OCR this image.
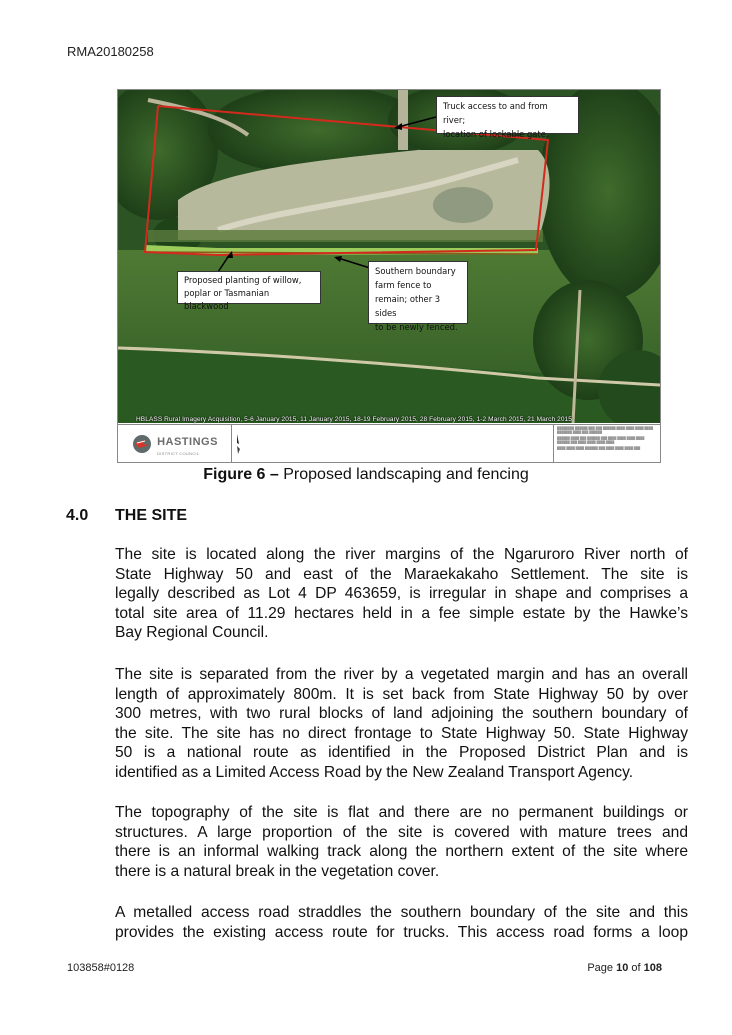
RMA20180258
Truck access to and from river;
location of lockable gate.
Proposed planting of willow,
poplar or Tasmanian blackwood
Southern boundary
farm fence to
remain; other 3 sides
to be newly fenced.
HBLASS Rural Imagery Acquisition, 5-6 January 2015, 11 January 2015, 18-19 February 2015, 28 February 2015, 1-2 March 2015, 21 March 2015
HASTINGS
DISTRICT COUNCIL

████████ ██████ ███ ███ ██████ ████ ████ ████ ████ ███████ ████ ███ ██████

██████ ████ ███ ██████ ███ ████ ████ ████ ████ ██████ ███ ████ ████ ████ ████

████ ████ ████ ██████ ███ ████ ████ ████ ███

Figure 6 – Proposed landscaping and fencing
4.0 THE SITE
The site is located along the river margins of the Ngaruroro River north of
State Highway 50 and east of the Maraekakaho Settlement. The site is
legally described as Lot 4 DP 463659, is irregular in shape and comprises a
total site area of 11.29 hectares held in a fee simple estate by the Hawke’s
Bay Regional Council.
The site is separated from the river by a vegetated margin and has an overall
length of approximately 800m. It is set back from State Highway 50 by over
300 metres, with two rural blocks of land adjoining the southern boundary of
the site. The site has no direct frontage to State Highway 50. State Highway
50 is a national route as identified in the Proposed District Plan and is
identified as a Limited Access Road by the New Zealand Transport Agency.
The topography of the site is flat and there are no permanent buildings or
structures. A large proportion of the site is covered with mature trees and
there is an informal walking track along the northern extent of the site where
there is a natural break in the vegetation cover.
A metalled access road straddles the southern boundary of the site and this
provides the existing access route for trucks. This access road forms a loop
103858#0128	Page 10 of 108
